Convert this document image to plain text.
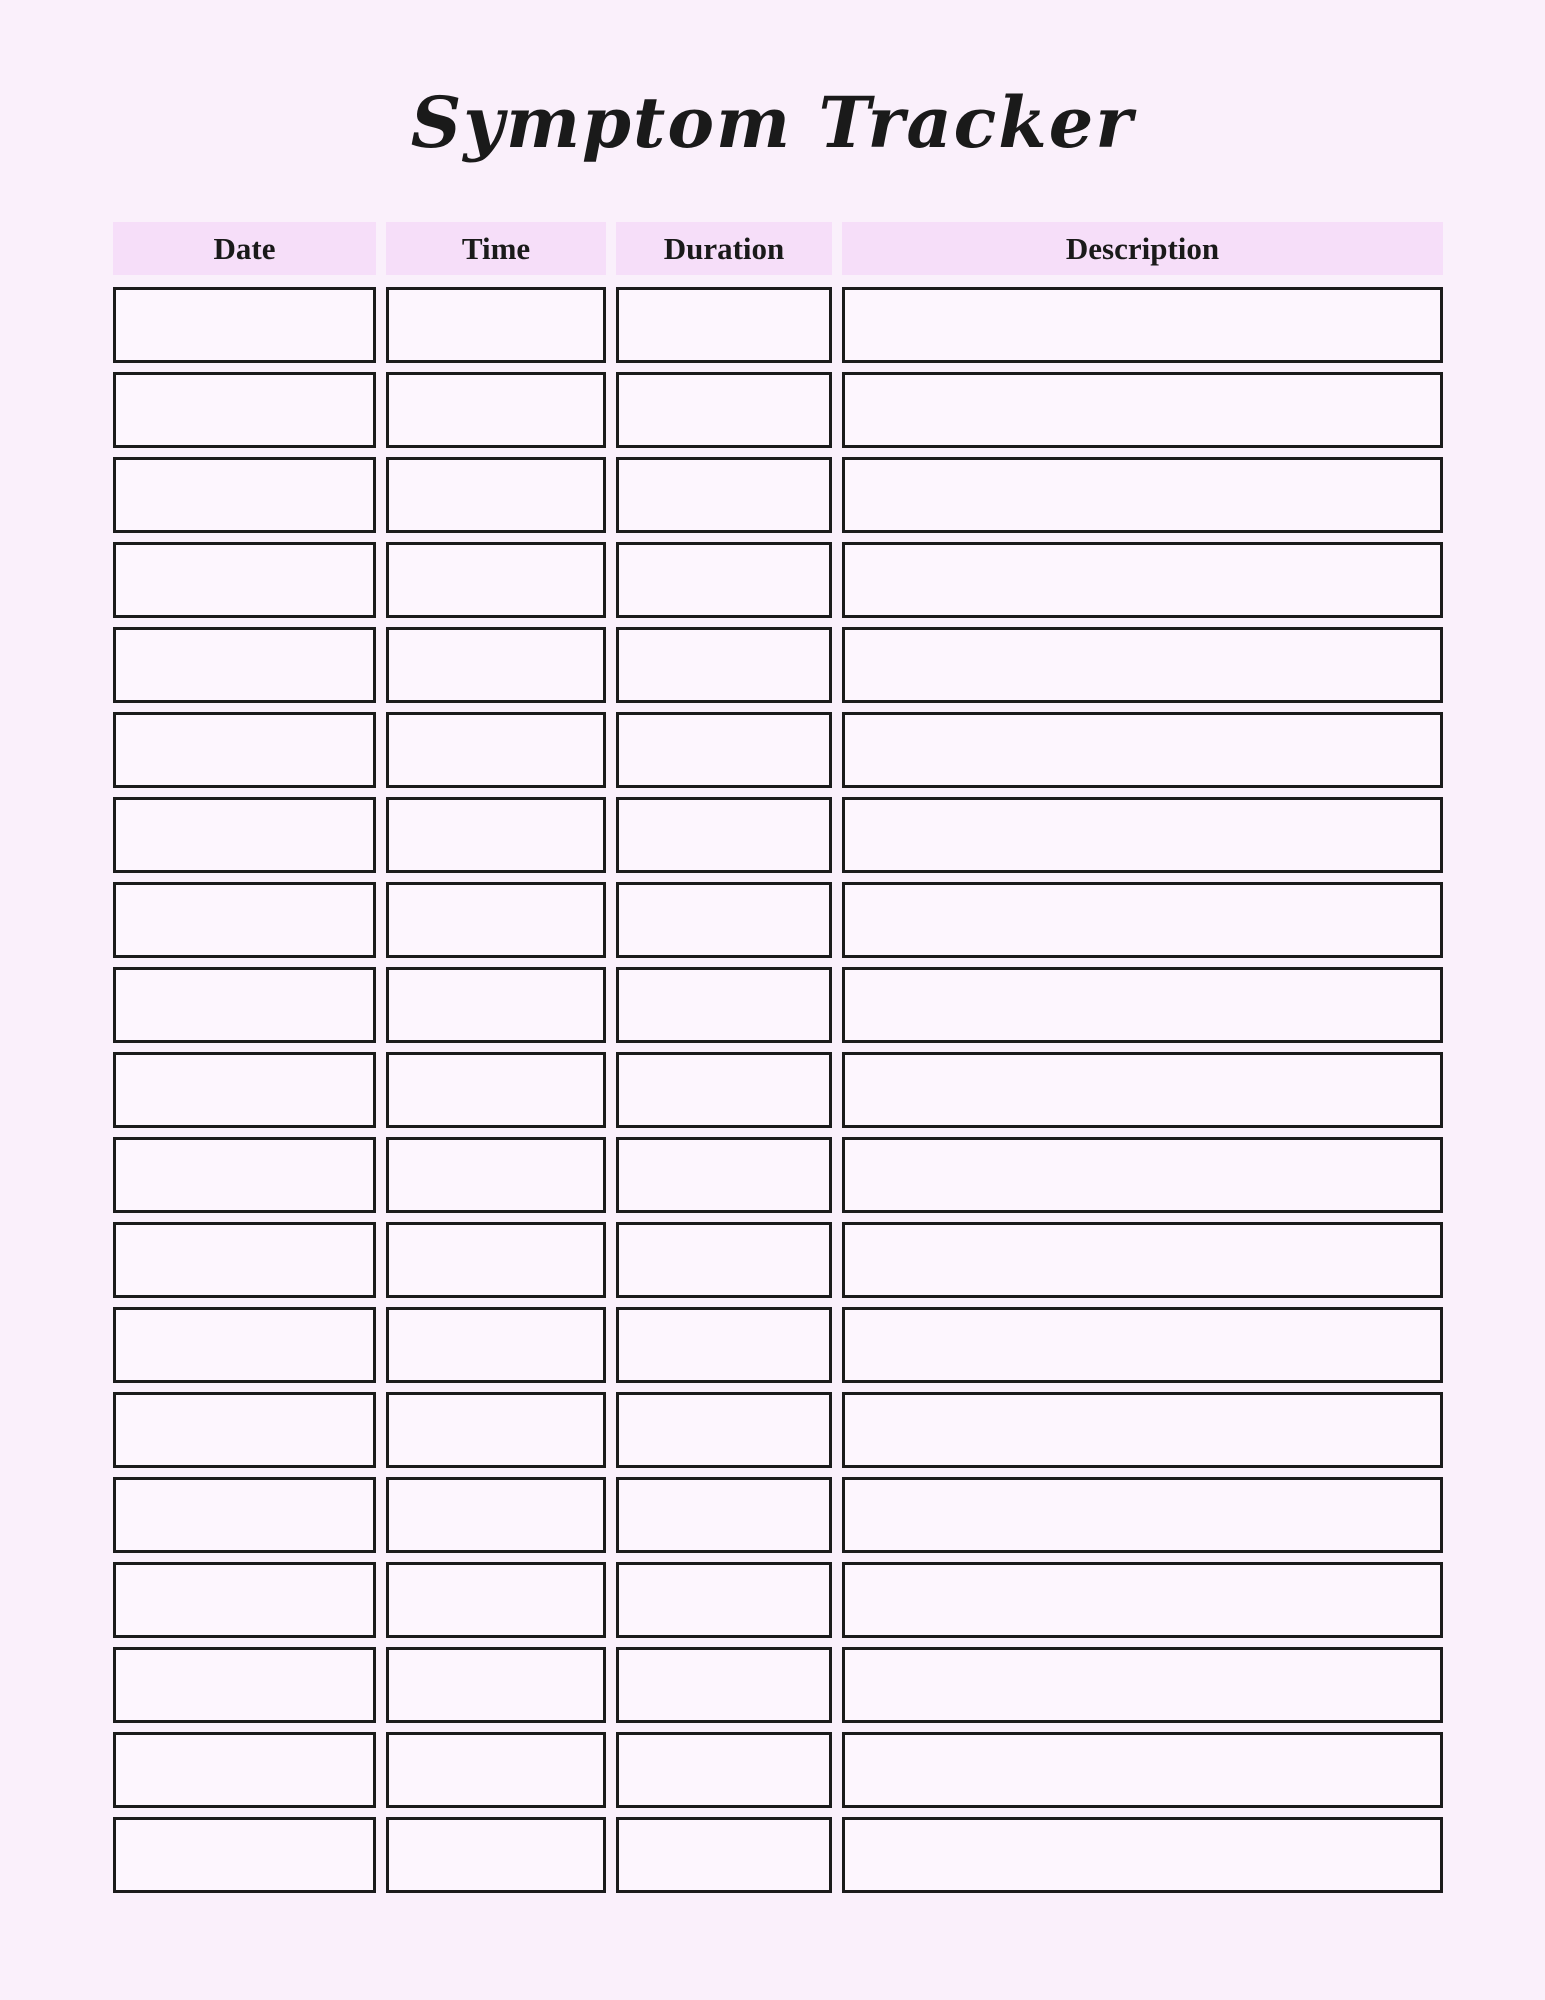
Symptom Tracker
Date	Time	Duration	Description
